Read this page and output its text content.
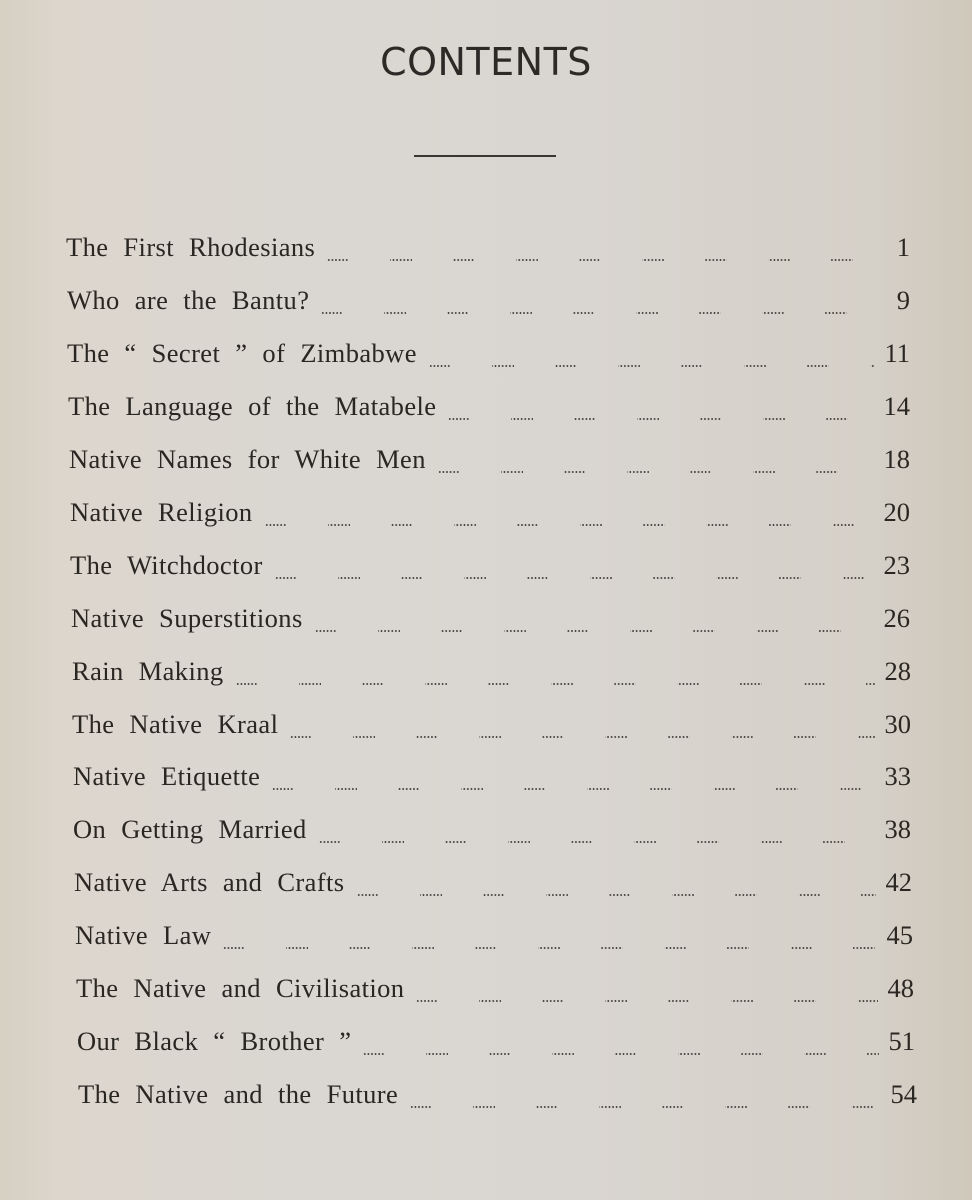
CONTENTS
The First Rhodesians	1
Who are the Bantu?	9
The “ Secret ” of Zimbabwe	11
The Language of the Matabele	14
Native Names for White Men	18
Native Religion	20
The Witchdoctor	23
Native Superstitions	26
Rain Making	28
The Native Kraal	30
Native Etiquette	33
On Getting Married	38
Native Arts and Crafts	42
Native Law	45
The Native and Civilisation	48
Our Black “ Brother ”	51
The Native and the Future	54
